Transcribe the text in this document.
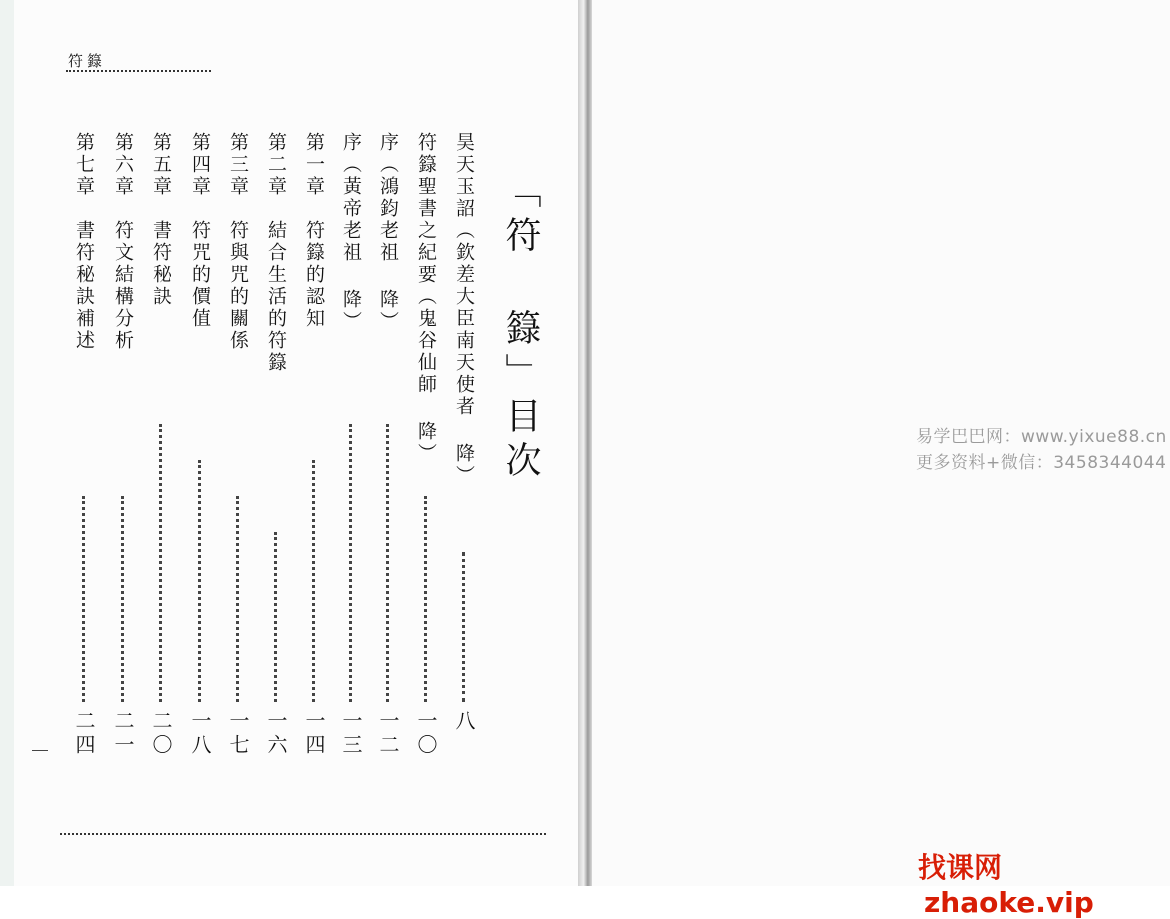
符籙
「符 籙」目次
昊天玉詔（欽差大臣南天使者 降）
八
符籙聖書之紀要（鬼谷仙師 降）
一〇
序（鴻鈞老祖 降）
一二
序（黃帝老祖 降）
一三
第一章　符籙的認知
一四
第二章　結合生活的符籙
一六
第三章　符與咒的關係
一七
第四章　符咒的價值
一八
第五章　書符秘訣
二〇
第六章　符文結構分析
二一
第七章　書符秘訣補述
二四
易学巴巴网：www.yixue88.cn
更多资料+微信：3458344044
找课网zhaoke.vip
